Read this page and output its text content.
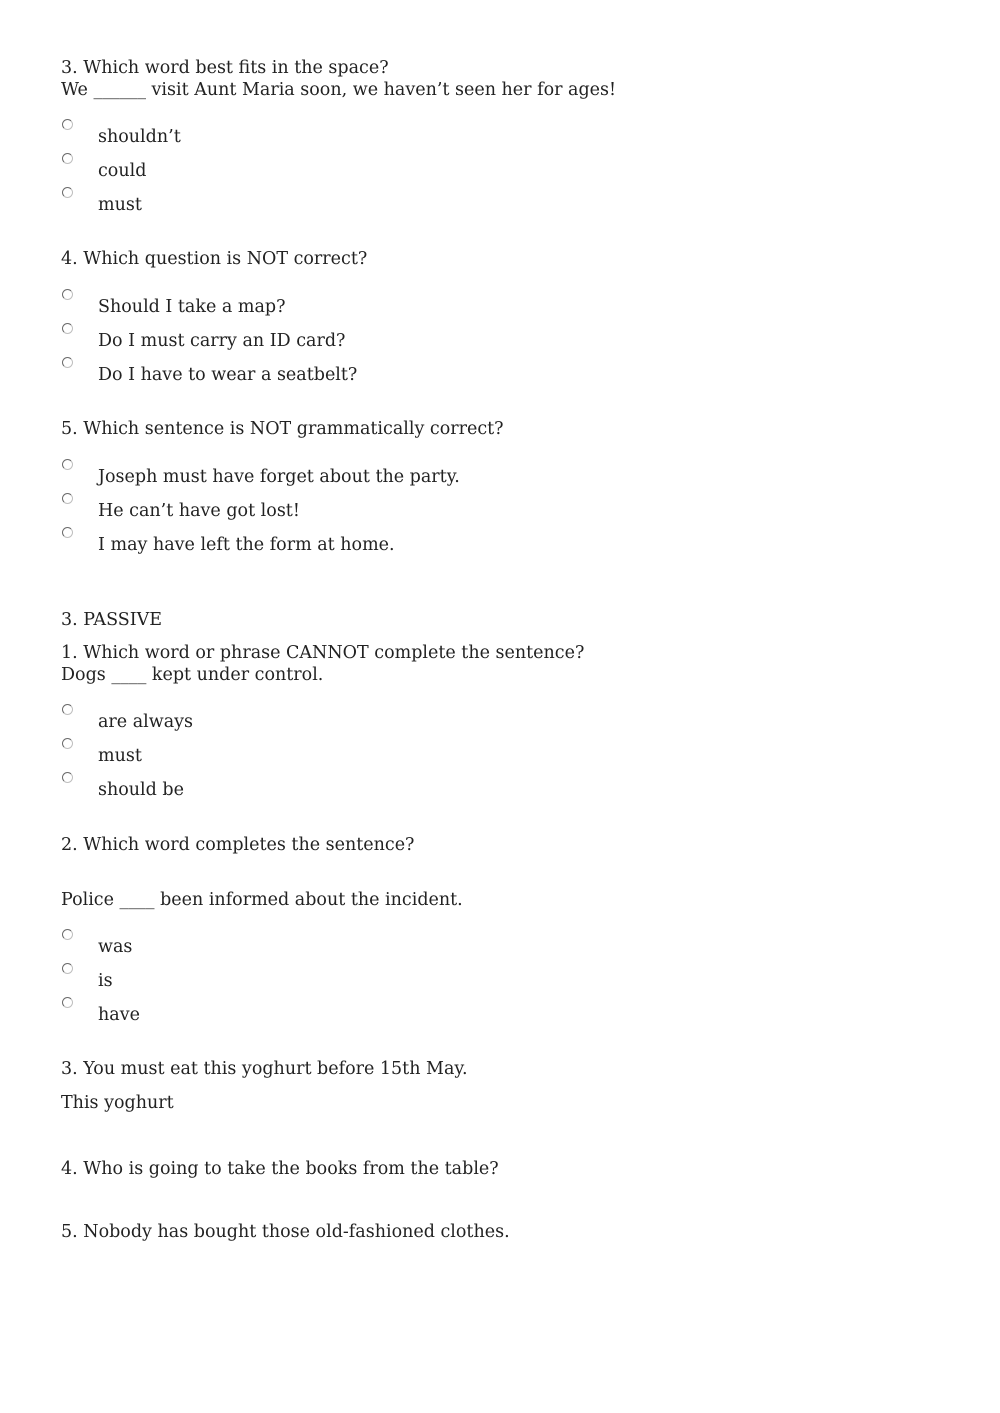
3. Which word best fits in the space?
We ______ visit Aunt Maria soon, we haven’t seen her for ages!
shouldn’t
could
must
4. Which question is NOT correct?
Should I take a map?
Do I must carry an ID card?
Do I have to wear a seatbelt?
5. Which sentence is NOT grammatically correct?
Joseph must have forget about the party.
He can’t have got lost!
I may have left the form at home.
3. PASSIVE
1. Which word or phrase CANNOT complete the sentence?
Dogs ____ kept under control.
are always
must
should be
2. Which word completes the sentence?
Police ____ been informed about the incident.
was
is
have
3. You must eat this yoghurt before 15th May.
This yoghurt
4. Who is going to take the books from the table?
5. Nobody has bought those old-fashioned clothes.
